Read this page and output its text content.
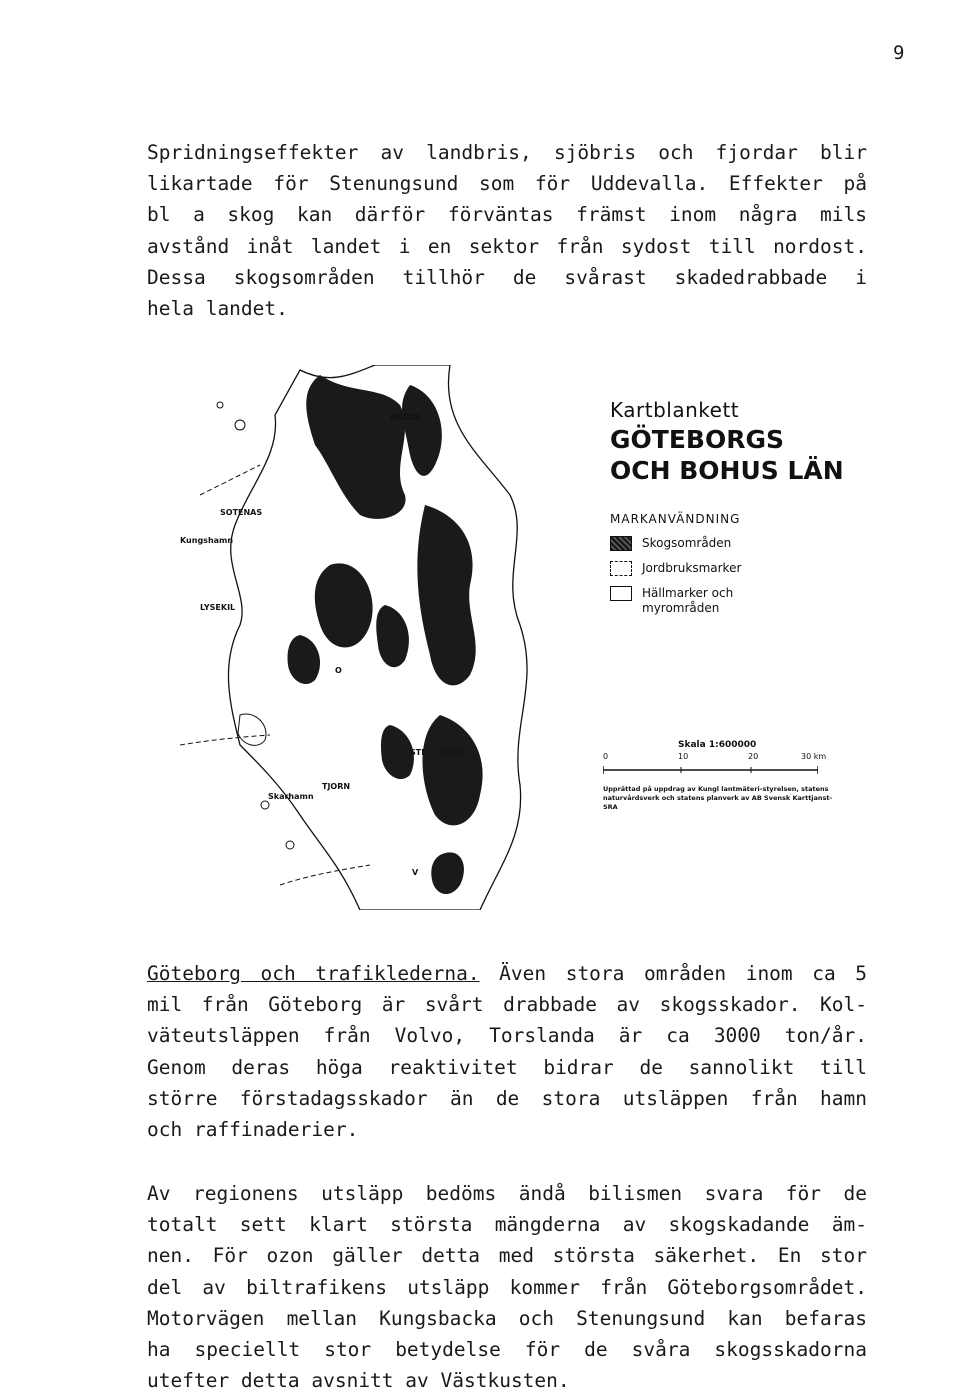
9

Spridningseffekter av landbris, sjöbris och fjordar blir
likartade för Stenungsund som för Uddevalla. Effekter på
bl a skog kan därför förväntas främst inom några mils
avstånd inåt landet i en sektor från sydost till nordost.
Dessa skogsområden tillhör de svårast skadedrabbade i
hela landet.

SOTENAS
Kungshamn
LYSEKIL
TJORN
Skarhamn
NKEDA
STE GSUN
O
V

Kartblankett

GÖTEBORGS

OCH BOHUS LÄN

MARKANVÄNDNING

Skogsområden
Jordbruksmarker
Hällmarker och myrområden
Skala 1:600000
0	10	20	30 km
Upprättad på uppdrag av Kungl lantmäteri-styrelsen, statens naturvårdsverk och statens planverk av AB Svensk Karttjanst-SRA

Göteborg och trafiklederna. Även stora områden inom ca 5
mil från Göteborg är svårt drabbade av skogsskador. Kol-
väteutsläppen från Volvo, Torslanda är ca 3000 ton/år.
Genom deras höga reaktivitet bidrar de sannolikt till
större förstadagsskador än de stora utsläppen från hamn
och raffinaderier.

Av regionens utsläpp bedöms ändå bilismen svara för de
totalt sett klart största mängderna av skogskadande äm-
nen. För ozon gäller detta med största säkerhet. En stor
del av biltrafikens utsläpp kommer från Göteborgsområdet.
Motorvägen mellan Kungsbacka och Stenungsund kan befaras
ha speciellt stor betydelse för de svåra skogsskadorna
utefter detta avsnitt av Västkusten.
